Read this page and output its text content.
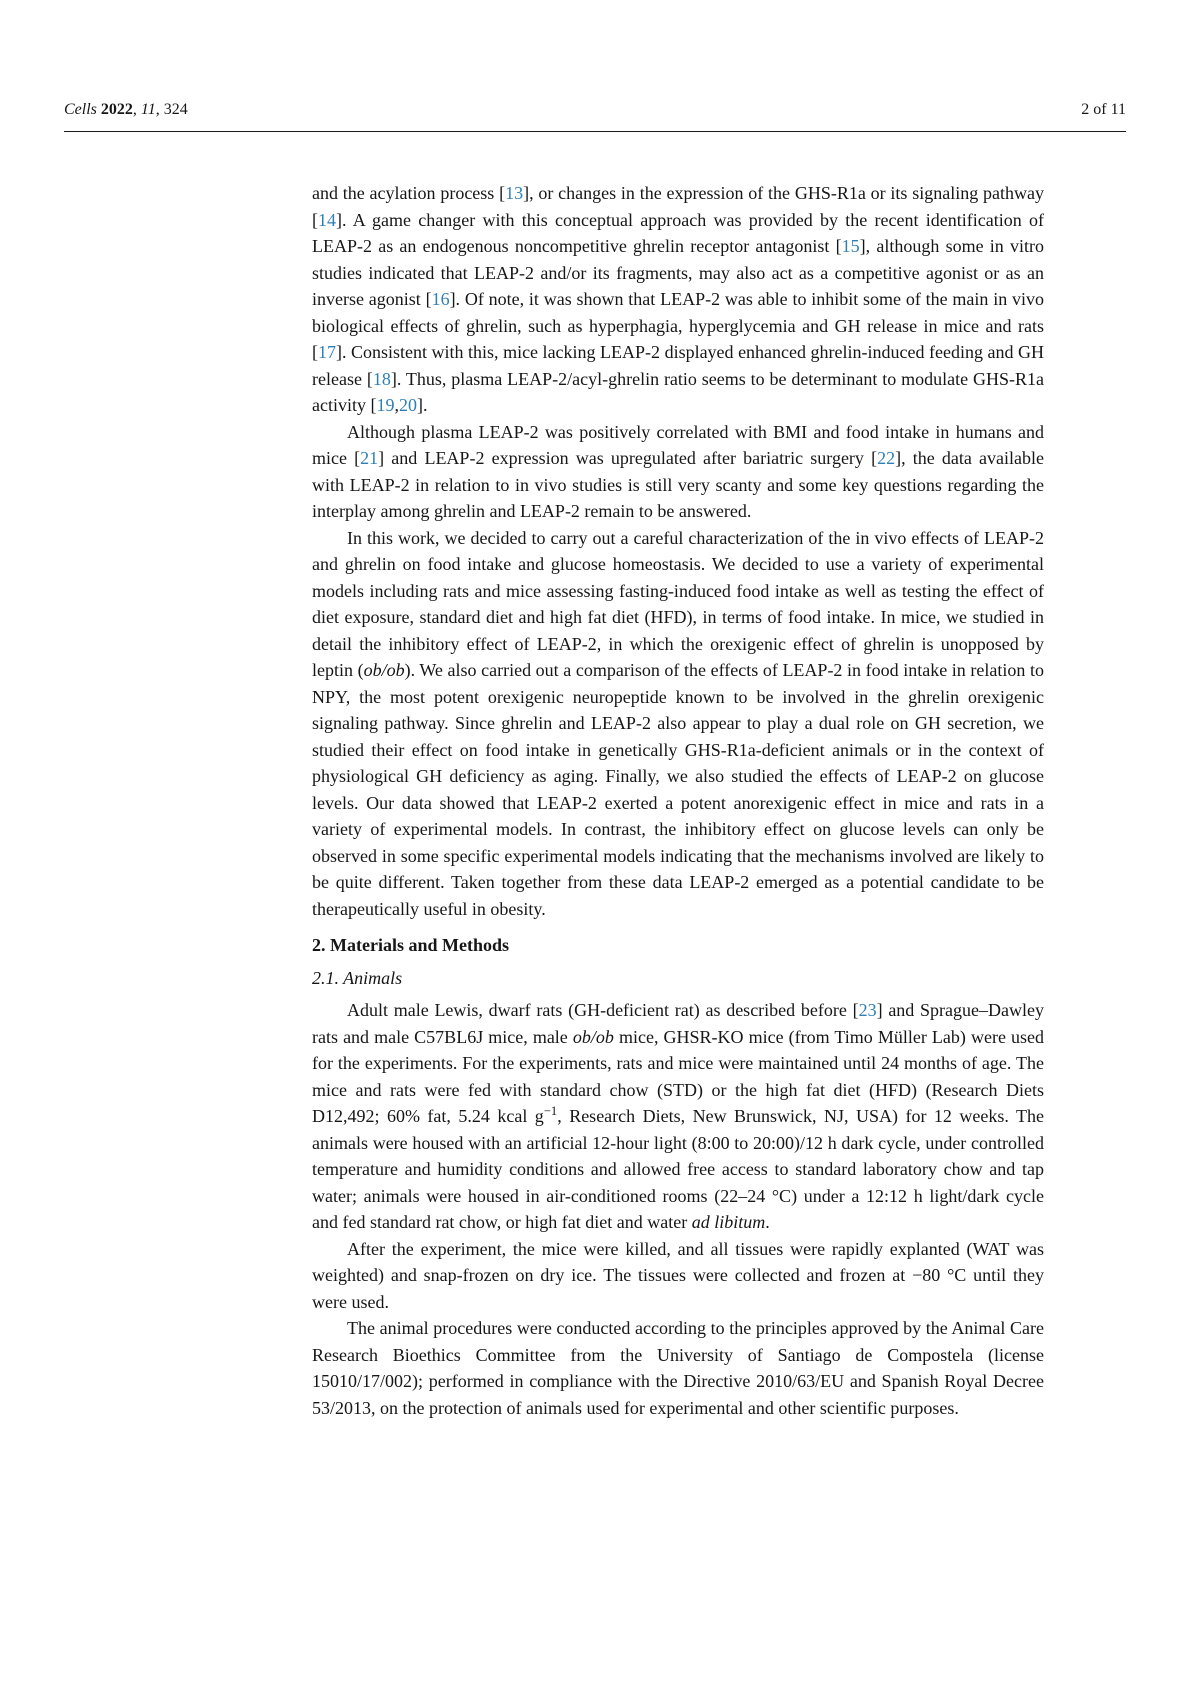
Cells 2022, 11, 324	2 of 11

and the acylation process [13], or changes in the expression of the GHS-R1a or its signaling pathway [14]. A game changer with this conceptual approach was provided by the recent identification of LEAP-2 as an endogenous noncompetitive ghrelin receptor antagonist [15], although some in vitro studies indicated that LEAP-2 and/or its fragments, may also act as a competitive agonist or as an inverse agonist [16]. Of note, it was shown that LEAP-2 was able to inhibit some of the main in vivo biological effects of ghrelin, such as hyperphagia, hyperglycemia and GH release in mice and rats [17]. Consistent with this, mice lacking LEAP-2 displayed enhanced ghrelin-induced feeding and GH release [18]. Thus, plasma LEAP-2/acyl-ghrelin ratio seems to be determinant to modulate GHS-R1a activity [19,20].

Although plasma LEAP-2 was positively correlated with BMI and food intake in humans and mice [21] and LEAP-2 expression was upregulated after bariatric surgery [22], the data available with LEAP-2 in relation to in vivo studies is still very scanty and some key questions regarding the interplay among ghrelin and LEAP-2 remain to be answered.

In this work, we decided to carry out a careful characterization of the in vivo effects of LEAP-2 and ghrelin on food intake and glucose homeostasis. We decided to use a variety of experimental models including rats and mice assessing fasting-induced food intake as well as testing the effect of diet exposure, standard diet and high fat diet (HFD), in terms of food intake. In mice, we studied in detail the inhibitory effect of LEAP-2, in which the orexigenic effect of ghrelin is unopposed by leptin (ob/ob). We also carried out a comparison of the effects of LEAP-2 in food intake in relation to NPY, the most potent orexigenic neuropeptide known to be involved in the ghrelin orexigenic signaling pathway. Since ghrelin and LEAP-2 also appear to play a dual role on GH secretion, we studied their effect on food intake in genetically GHS-R1a-deficient animals or in the context of physiological GH deficiency as aging. Finally, we also studied the effects of LEAP-2 on glucose levels. Our data showed that LEAP-2 exerted a potent anorexigenic effect in mice and rats in a variety of experimental models. In contrast, the inhibitory effect on glucose levels can only be observed in some specific experimental models indicating that the mechanisms involved are likely to be quite different. Taken together from these data LEAP-2 emerged as a potential candidate to be therapeutically useful in obesity.

2. Materials and Methods
2.1. Animals

Adult male Lewis, dwarf rats (GH-deficient rat) as described before [23] and Sprague–Dawley rats and male C57BL6J mice, male ob/ob mice, GHSR-KO mice (from Timo Müller Lab) were used for the experiments. For the experiments, rats and mice were maintained until 24 months of age. The mice and rats were fed with standard chow (STD) or the high fat diet (HFD) (Research Diets D12,492; 60% fat, 5.24 kcal $g^{-1}$, Research Diets, New Brunswick, NJ, USA) for 12 weeks. The animals were housed with an artificial 12-hour light (8:00 to 20:00)/12 h dark cycle, under controlled temperature and humidity conditions and allowed free access to standard laboratory chow and tap water; animals were housed in air-conditioned rooms (22–24 °C) under a 12:12 h light/dark cycle and fed standard rat chow, or high fat diet and water ad libitum.

After the experiment, the mice were killed, and all tissues were rapidly explanted (WAT was weighted) and snap-frozen on dry ice. The tissues were collected and frozen at −80 °C until they were used.

The animal procedures were conducted according to the principles approved by the Animal Care Research Bioethics Committee from the University of Santiago de Compostela (license 15010/17/002); performed in compliance with the Directive 2010/63/EU and Spanish Royal Decree 53/2013, on the protection of animals used for experimental and other scientific purposes.
